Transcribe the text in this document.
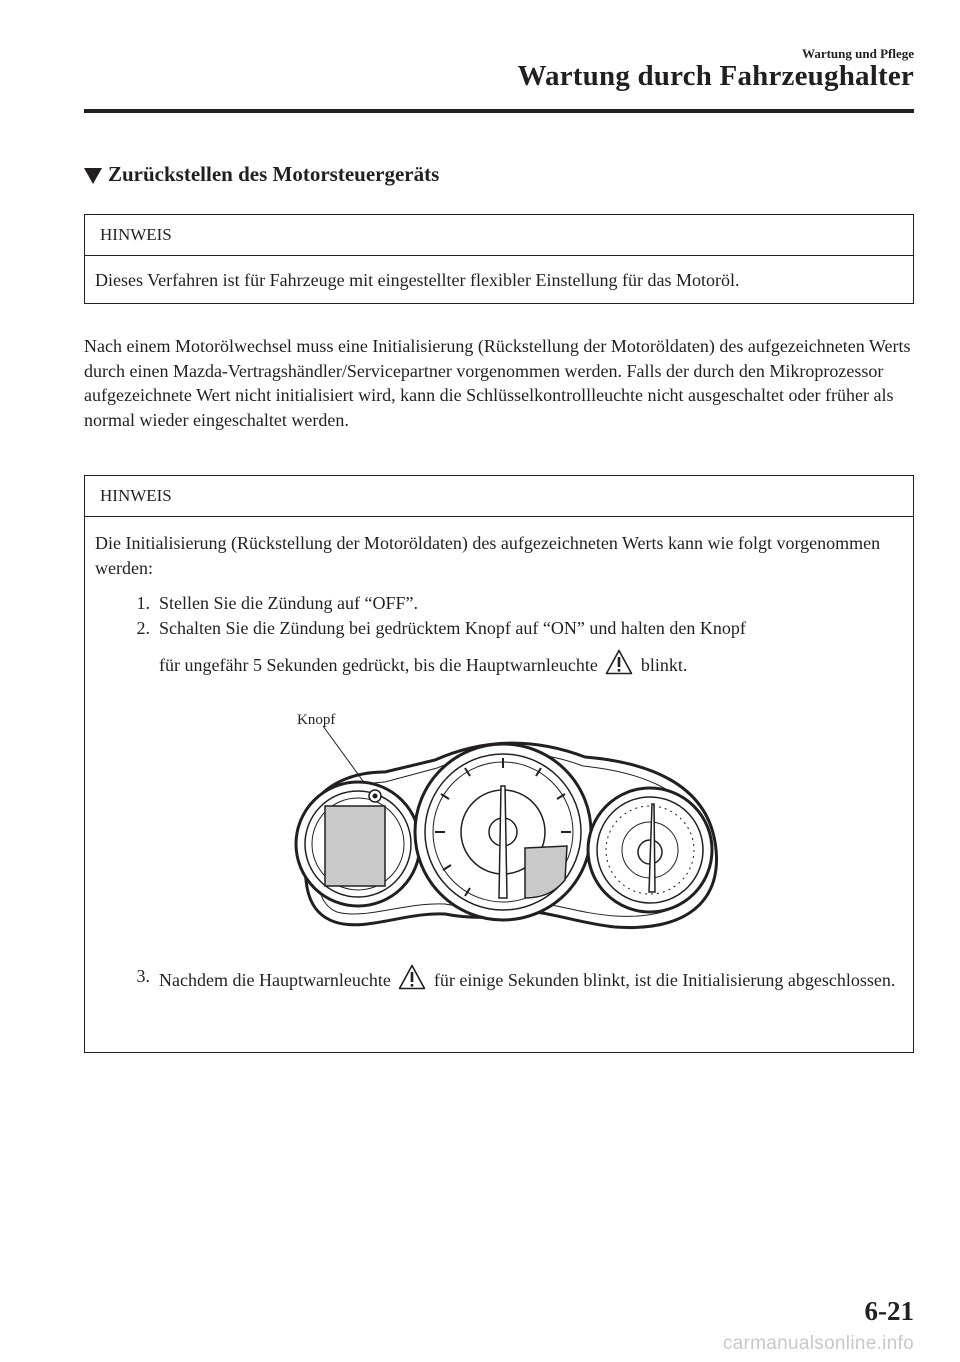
Wartung und Pflege
Wartung durch Fahrzeughalter
Zurückstellen des Motorsteuergeräts
HINWEIS
Dieses Verfahren ist für Fahrzeuge mit eingestellter flexibler Einstellung für das Motoröl.
Nach einem Motorölwechsel muss eine Initialisierung (Rückstellung der Motoröldaten) des aufgezeichneten Werts durch einen Mazda-Vertragshändler/Servicepartner vorgenommen werden. Falls der durch den Mikroprozessor aufgezeichnete Wert nicht initialisiert wird, kann die Schlüsselkontrollleuchte nicht ausgeschaltet oder früher als normal wieder eingeschaltet werden.
HINWEIS
Die Initialisierung (Rückstellung der Motoröldaten) des aufgezeichneten Werts kann wie folgt vorgenommen werden:
1. Stellen Sie die Zündung auf “OFF”.
2. Schalten Sie die Zündung bei gedrücktem Knopf auf “ON” und halten den Knopf
für ungefähr 5 Sekunden gedrückt, bis die Hauptwarnleuchte blinkt.
Knopf
3. Nachdem die Hauptwarnleuchte für einige Sekunden blinkt, ist die Initialisierung abgeschlossen.
6-21
carmanualsonline.info
